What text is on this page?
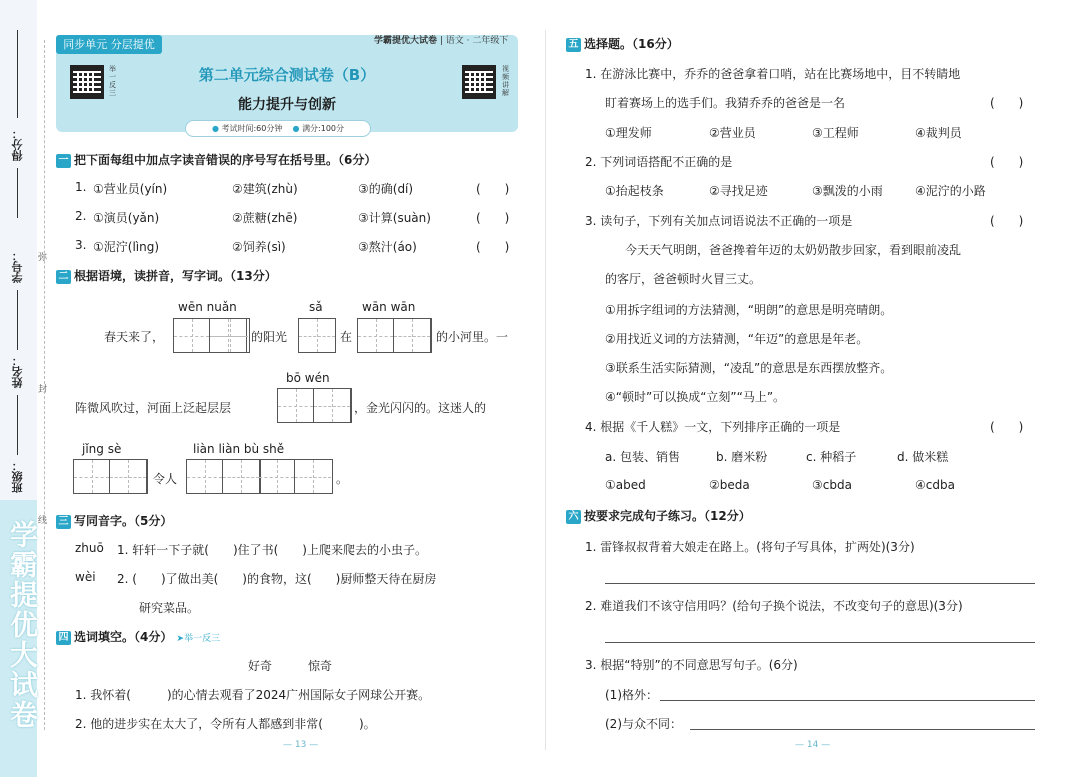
得分：
学号：
姓名：
班级：
弥
封
线
学霸提优大试卷
举一反三
第二单元综合测试卷（B）
能力提升与创新
视频讲解
同步单元 分层提优
● 考试时间:60分钟 ● 满分:100分
学霸提优大试卷 | 语文 · 二年级下
一 把下面每组中加点字读音错误的序号写在括号里。（6分）
1. ①营业员(yín)	②建筑(zhù)	③的确(dí)	(　　)
2. ①演员(yǎn)	②蔗糖(zhē)	③计算(suàn)	(　　)
3. ①泥泞(lìng)	②饲养(sì)	③熬汁(áo)	(　　)
二 根据语境，读拼音，写字词。（13分）
wēn nuǎn	sǎ	wān wān
春天来了，	的阳光	在	的小河里。一
bō wén
阵微风吹过，河面上泛起层层	，金光闪闪的。这迷人的
jǐng sè	liàn liàn bù shě
令人	。
三 写同音字。（5分）
zhuō 1. 轩轩一下子就(　　)住了书(　　)上爬来爬去的小虫子。
wèi 2. (　　)了做出美(　　)的食物，这(　　)厨师整天待在厨房
研究菜品。
四 选词填空。（4分） ➤举一反三
好奇　　　惊奇
1. 我怀着(　　　)的心情去观看了2024广州国际女子网球公开赛。
2. 他的进步实在太大了，令所有人都感到非常(　　　)。
— 13 —
五 选择题。（16分）
1. 在游泳比赛中，乔乔的爸爸拿着口哨，站在比赛场地中，目不转睛地
盯着赛场上的选手们。我猜乔乔的爸爸是一名	(　　)
①理发师	②营业员	③工程师	④裁判员
2. 下列词语搭配不正确的是	(　　)
①抬起枝条	②寻找足迹	③飘泼的小雨	④泥泞的小路
3. 读句子，下列有关加点词语说法不正确的一项是	(　　)
今天天气明朗，爸爸搀着年迈的太奶奶散步回家，看到眼前凌乱
的客厅，爸爸顿时火冒三丈。
①用拆字组词的方法猜测，“明朗”的意思是明亮晴朗。
②用找近义词的方法猜测，“年迈”的意思是年老。
③联系生活实际猜测，“凌乱”的意思是东西摆放整齐。
④“顿时”可以换成“立刻”“马上”。
4. 根据《千人糕》一文，下列排序正确的一项是	(　　)
a. 包装、销售	b. 磨米粉	c. 种稻子	d. 做米糕
①abed	②beda	③cbda	④cdba
六 按要求完成句子练习。（12分）
1. 雷锋叔叔背着大娘走在路上。(将句子写具体，扩两处)(3分)
2. 难道我们不该守信用吗？(给句子换个说法，不改变句子的意思)(3分)
3. 根据“特别”的不同意思写句子。(6分)
(1)格外：
(2)与众不同：
— 14 —
